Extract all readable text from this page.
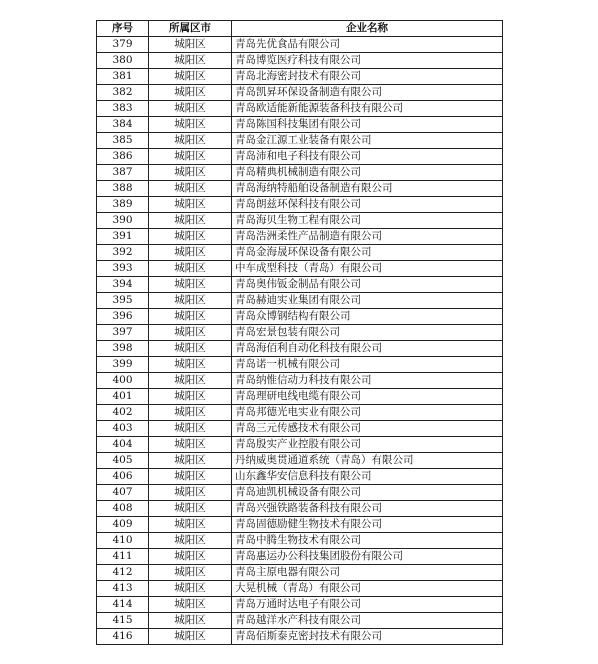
序号	所属区市	企业名称
379	城阳区	青岛先优食品有限公司
380	城阳区	青岛博览医疗科技有限公司
381	城阳区	青岛北海密封技术有限公司
382	城阳区	青岛凯昇环保设备制造有限公司
383	城阳区	青岛欧适能新能源装备科技有限公司
384	城阳区	青岛陈国科技集团有限公司
385	城阳区	青岛金江源工业装备有限公司
386	城阳区	青岛沛和电子科技有限公司
387	城阳区	青岛精典机械制造有限公司
388	城阳区	青岛海纳特船舶设备制造有限公司
389	城阳区	青岛朗兹环保科技有限公司
390	城阳区	青岛海贝生物工程有限公司
391	城阳区	青岛浩洲柔性产品制造有限公司
392	城阳区	青岛金海晟环保设备有限公司
393	城阳区	中车成型科技（青岛）有限公司
394	城阳区	青岛奥伟钣金制品有限公司
395	城阳区	青岛赫迪实业集团有限公司
396	城阳区	青岛众博钢结构有限公司
397	城阳区	青岛宏景包装有限公司
398	城阳区	青岛海佰利自动化科技有限公司
399	城阳区	青岛诺一机械有限公司
400	城阳区	青岛纳惟信动力科技有限公司
401	城阳区	青岛理研电线电缆有限公司
402	城阳区	青岛邦德光电实业有限公司
403	城阳区	青岛三元传感技术有限公司
404	城阳区	青岛殷实产业控股有限公司
405	城阳区	丹纳威奥贯通道系统（青岛）有限公司
406	城阳区	山东鑫华安信息科技有限公司
407	城阳区	青岛迪凯机械设备有限公司
408	城阳区	青岛兴强铁路装备科技有限公司
409	城阳区	青岛固德励健生物技术有限公司
410	城阳区	青岛中腾生物技术有限公司
411	城阳区	青岛惠运办公科技集团股份有限公司
412	城阳区	青岛主原电器有限公司
413	城阳区	大晃机械（青岛）有限公司
414	城阳区	青岛万通时达电子有限公司
415	城阳区	青岛越洋水产科技有限公司
416	城阳区	青岛佰斯泰克密封技术有限公司
